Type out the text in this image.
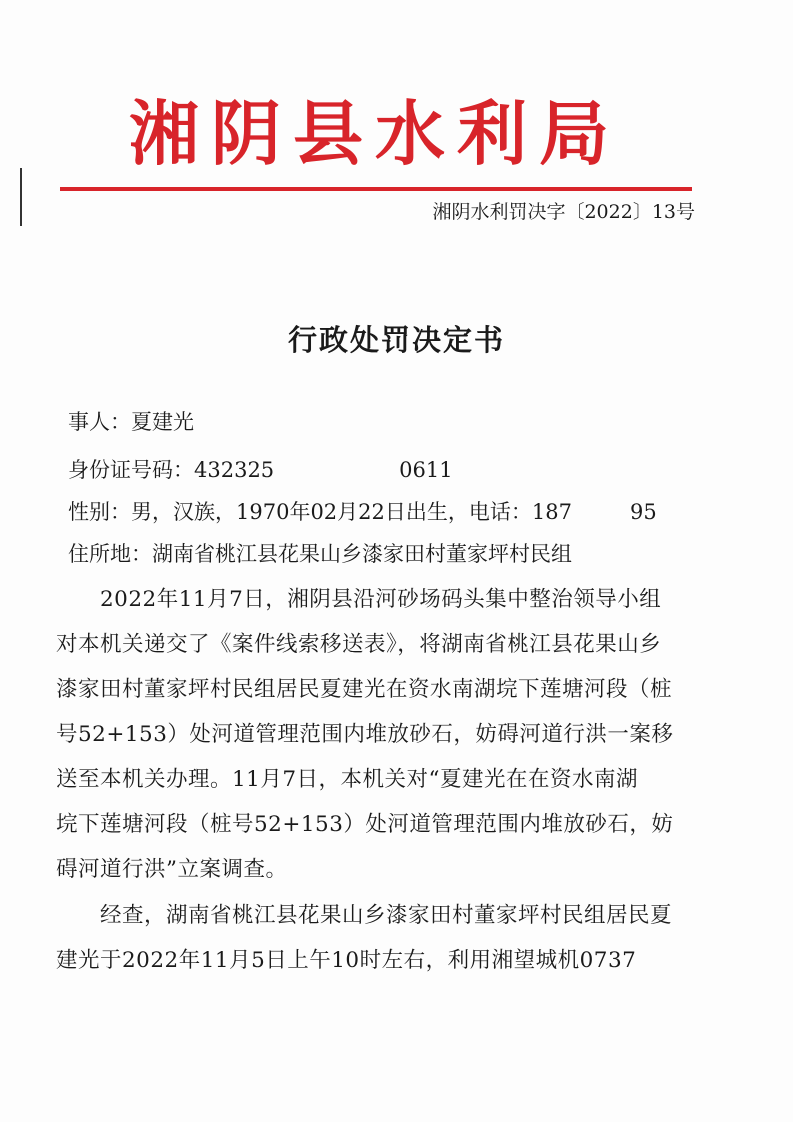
湘阴县水利局
湘阴水利罚决字〔2022〕13号
行政处罚决定书
事人：夏建光
身份证号码：432325	0611
性别：男，汉族，1970年02月22日出生，电话：187	95
住所地：湖南省桃江县花果山乡漆家田村董家坪村民组
　　2022年11月7日，湘阴县沿河砂场码头集中整治领导小组
对本机关递交了《案件线索移送表》，将湖南省桃江县花果山乡
漆家田村董家坪村民组居民夏建光在资水南湖垸下莲塘河段（桩
号52+153）处河道管理范围内堆放砂石，妨碍河道行洪一案移
送至本机关办理。11月7日，本机关对“夏建光在在资水南湖
垸下莲塘河段（桩号52+153）处河道管理范围内堆放砂石，妨
碍河道行洪”立案调查。
　　经查，湖南省桃江县花果山乡漆家田村董家坪村民组居民夏
建光于2022年11月5日上午10时左右，利用湘望城机0737
